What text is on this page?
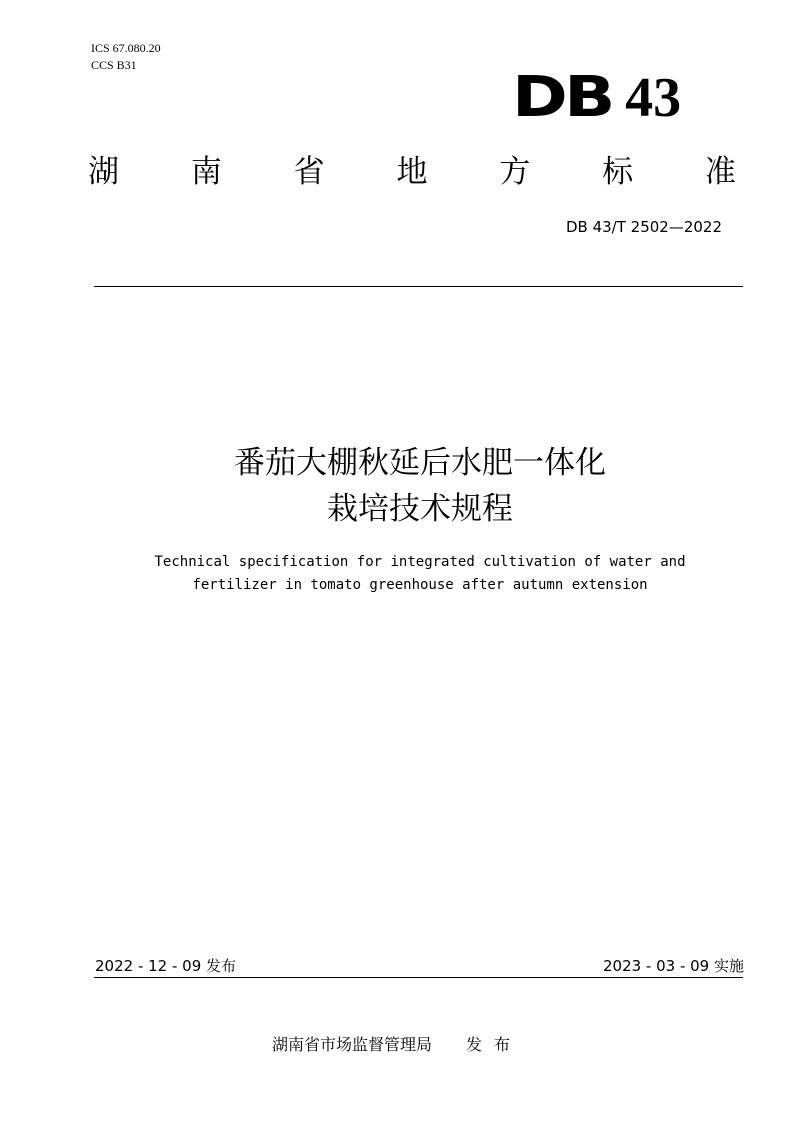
ICS 67.080.20
CCS B31	DB 43
湖 南 省 地 方 标 准
DB 43/T 2502—2022
番茄大棚秋延后水肥一体化
栽培技术规程
Technical specification for integrated cultivation of water and
fertilizer in tomato greenhouse after autumn extension
2022 - 12 - 09 发布	2023 - 03 - 09 实施
湖南省市场监督管理局 发布
